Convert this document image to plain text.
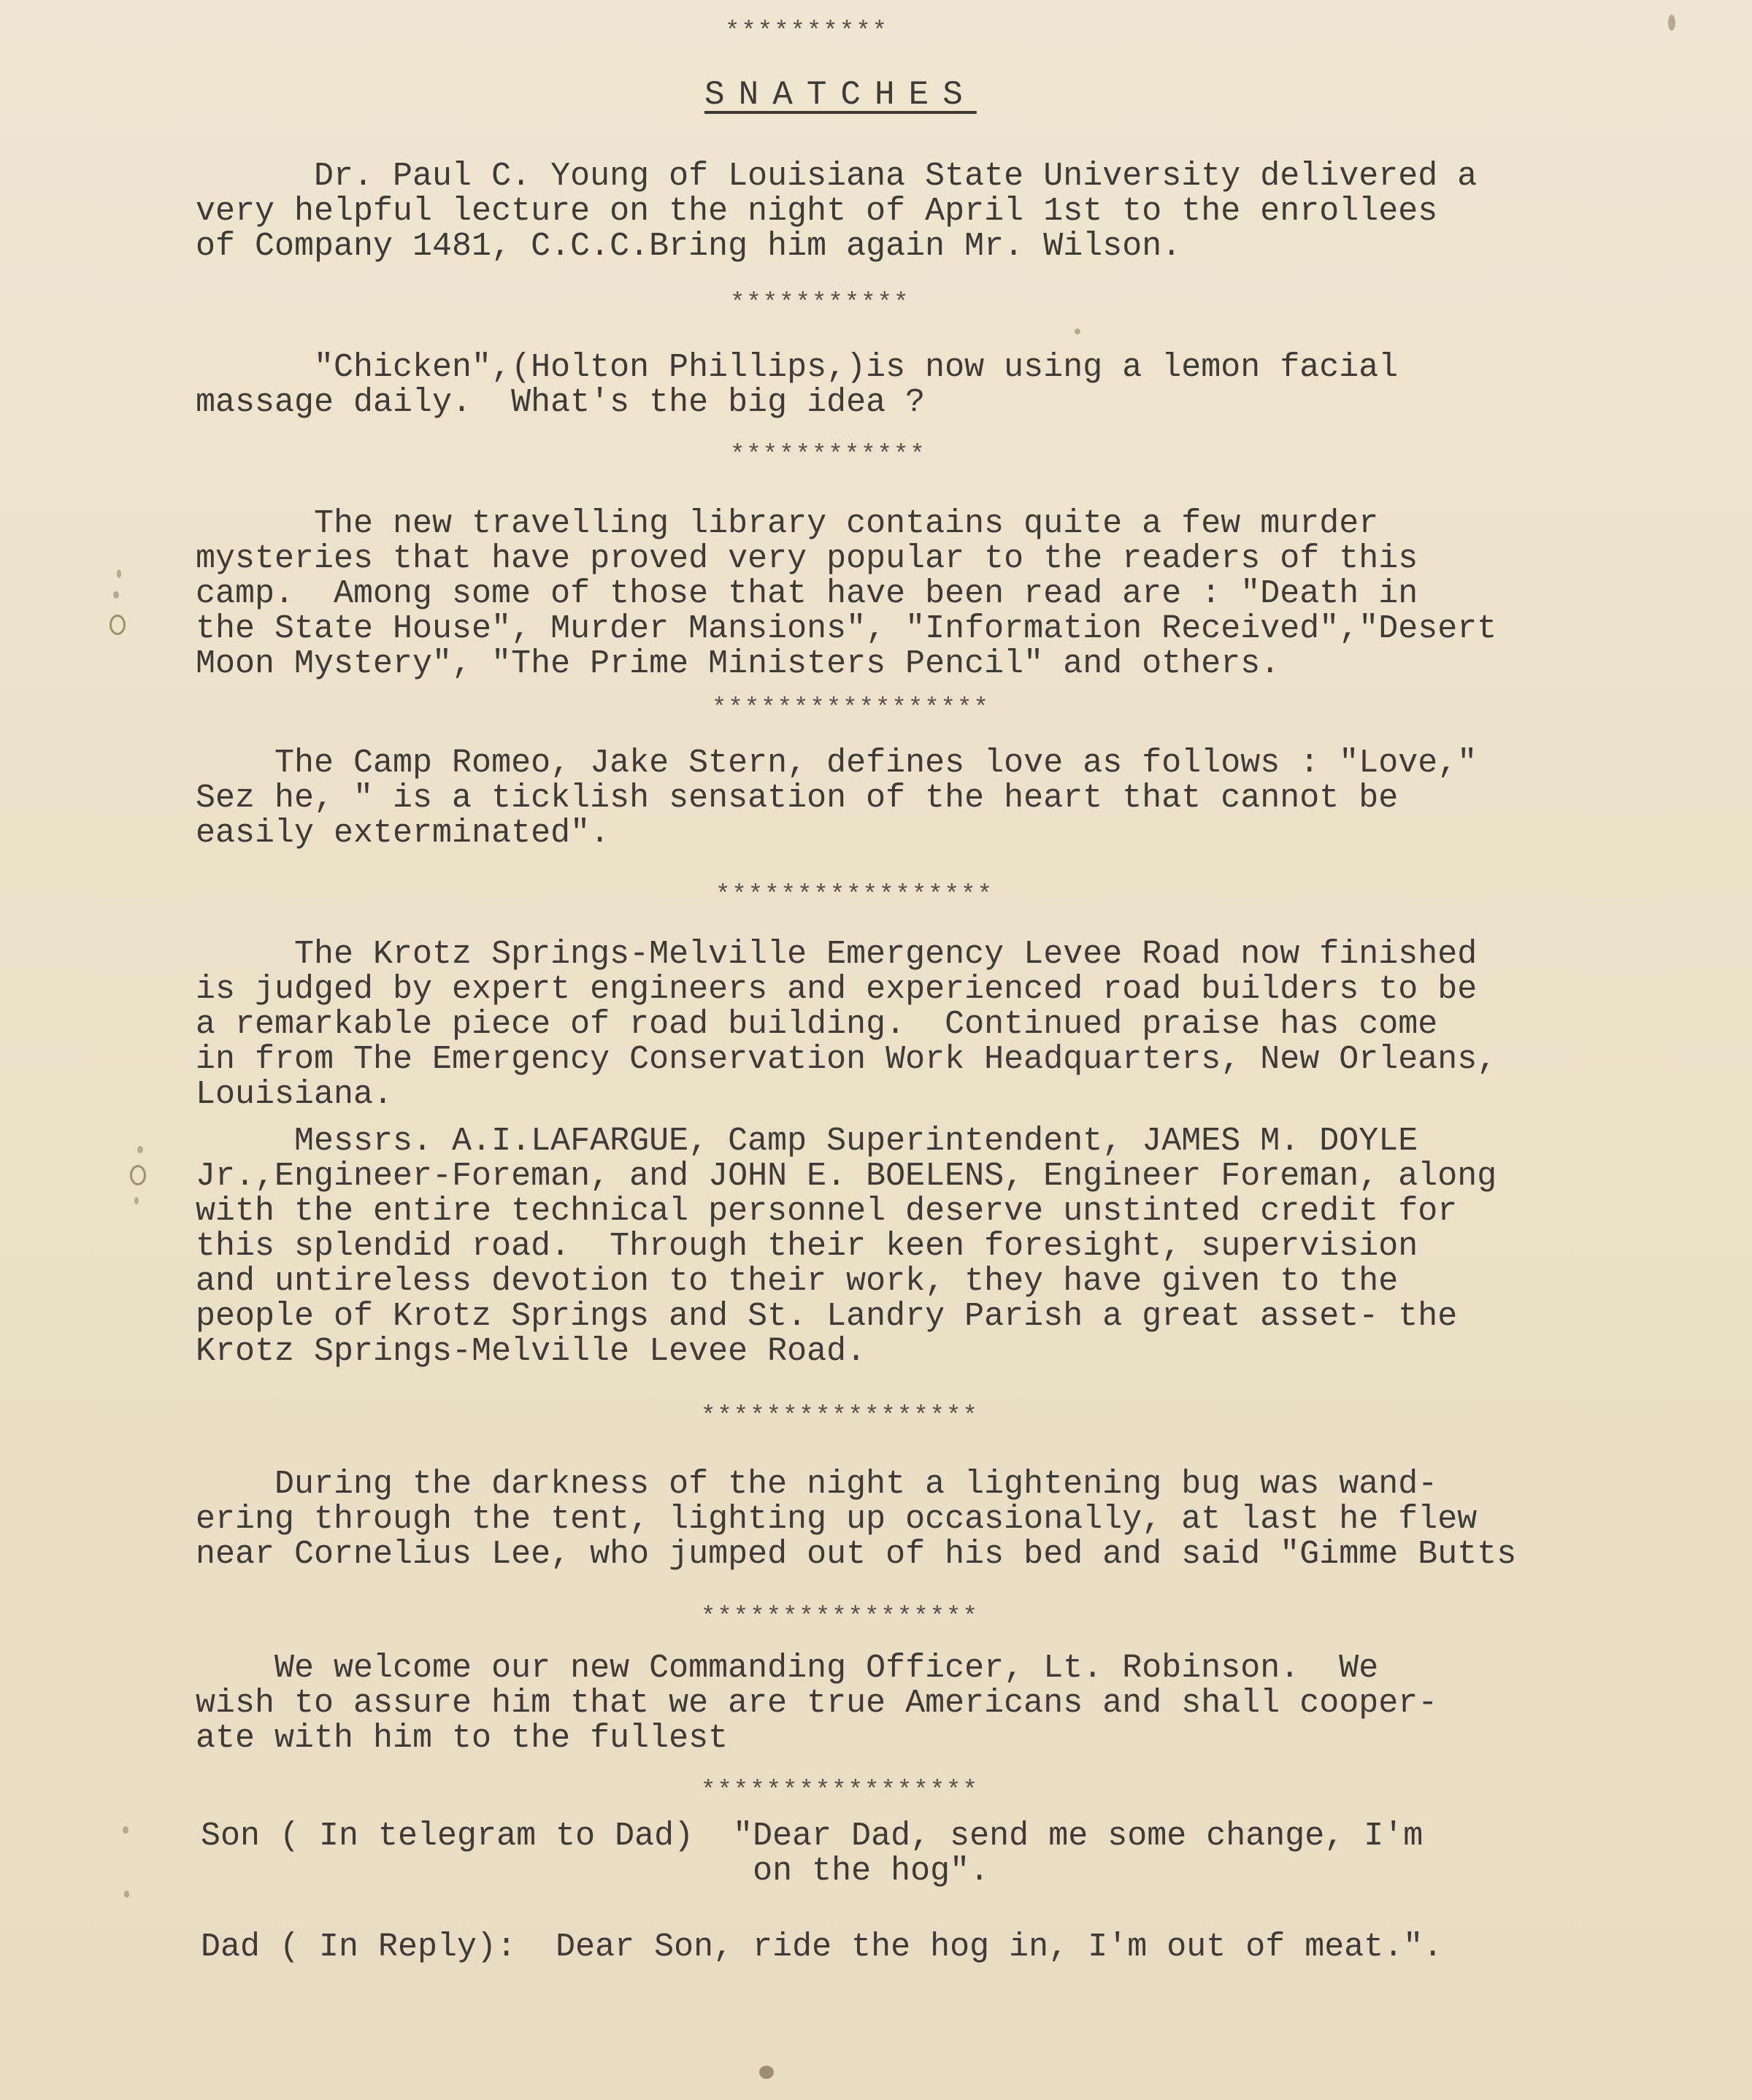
**********
SNATCHES
Dr. Paul C. Young of Louisiana State University delivered a
very helpful lecture on the night of April 1st to the enrollees
of Company 1481, C.C.C.Bring him again Mr. Wilson.
***********
"Chicken",(Holton Phillips,)is now using a lemon facial
massage daily.  What's the big idea ?
************
The new travelling library contains quite a few murder
mysteries that have proved very popular to the readers of this
camp.  Among some of those that have been read are : "Death in
the State House", Murder Mansions", "Information Received","Desert
Moon Mystery", "The Prime Ministers Pencil" and others.
*****************
The Camp Romeo, Jake Stern, defines love as follows : "Love,"
Sez he, " is a ticklish sensation of the heart that cannot be
easily exterminated".
*****************
The Krotz Springs-Melville Emergency Levee Road now finished
is judged by expert engineers and experienced road builders to be
a remarkable piece of road building.  Continued praise has come
in from The Emergency Conservation Work Headquarters, New Orleans,
Louisiana.
Messrs. A.I.LAFARGUE, Camp Superintendent, JAMES M. DOYLE
Jr.,Engineer-Foreman, and JOHN E. BOELENS, Engineer Foreman, along
with the entire technical personnel deserve unstinted credit for
this splendid road.  Through their keen foresight, supervision
and untireless devotion to their work, they have given to the
people of Krotz Springs and St. Landry Parish a great asset- the
Krotz Springs-Melville Levee Road.
*****************
During the darkness of the night a lightening bug was wand-
ering through the tent, lighting up occasionally, at last he flew
near Cornelius Lee, who jumped out of his bed and said "Gimme Butts
*****************
We welcome our new Commanding Officer, Lt. Robinson.  We
wish to assure him that we are true Americans and shall cooper-
ate with him to the fullest
*****************
Son ( In telegram to Dad)  "Dear Dad, send me some change, I'm
on the hog".
Dad ( In Reply):  Dear Son, ride the hog in, I'm out of meat.".
